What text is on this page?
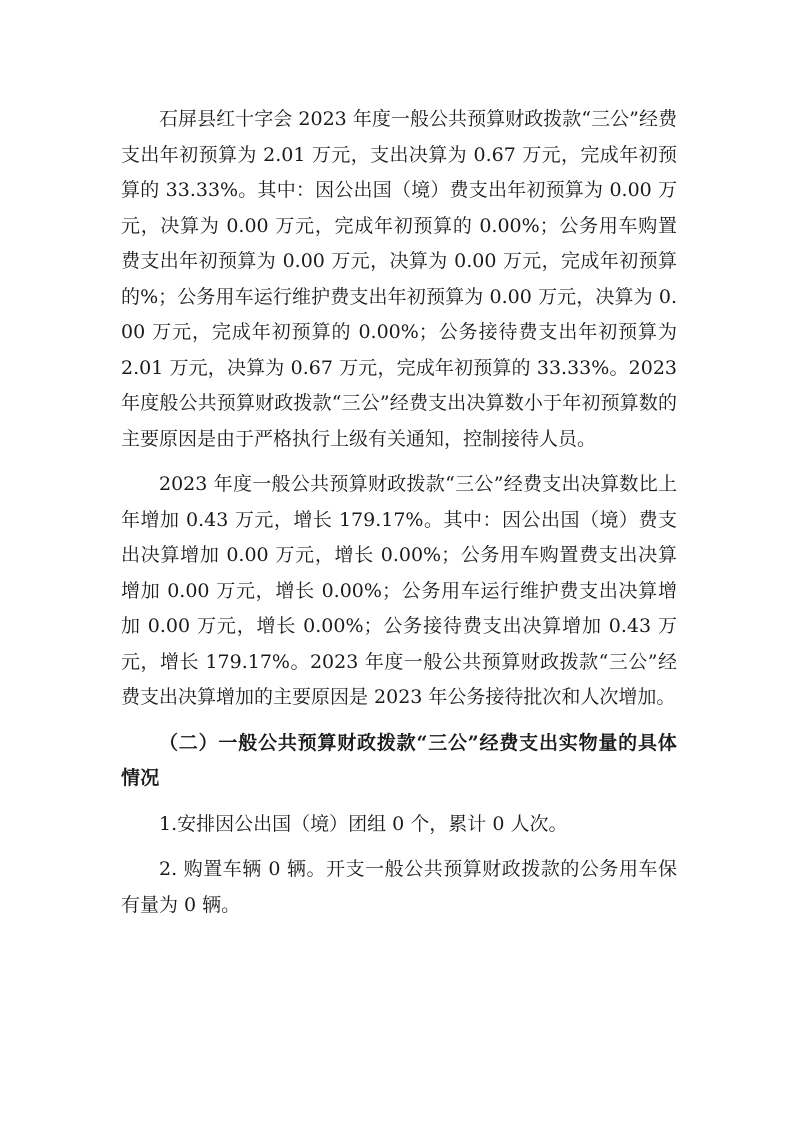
石屏县红十字会 2023 年度一般公共预算财政拨款“三公”经费支出年初预算为 2.01 万元，支出决算为 0.67 万元，完成年初预算的 33.33%。其中：因公出国（境）费支出年初预算为 0.00 万元，决算为 0.00 万元，完成年初预算的 0.00%；公务用车购置费支出年初预算为 0.00 万元，决算为 0.00 万元，完成年初预算的%；公务用车运行维护费支出年初预算为 0.00 万元，决算为 0.00 万元，完成年初预算的 0.00%；公务接待费支出年初预算为 2.01 万元，决算为 0.67 万元，完成年初预算的 33.33%。2023 年度般公共预算财政拨款“三公”经费支出决算数小于年初预算数的主要原因是由于严格执行上级有关通知，控制接待人员。

2023 年度一般公共预算财政拨款“三公”经费支出决算数比上年增加 0.43 万元，增长 179.17%。其中：因公出国（境）费支出决算增加 0.00 万元，增长 0.00%；公务用车购置费支出决算增加 0.00 万元，增长 0.00%；公务用车运行维护费支出决算增加 0.00 万元，增长 0.00%；公务接待费支出决算增加 0.43 万元，增长 179.17%。2023 年度一般公共预算财政拨款“三公”经费支出决算增加的主要原因是 2023 年公务接待批次和人次增加。

（二）一般公共预算财政拨款“三公”经费支出实物量的具体情况

1.安排因公出国（境）团组 0 个，累计 0 人次。

2. 购置车辆 0 辆。开支一般公共预算财政拨款的公务用车保有量为 0 辆。
